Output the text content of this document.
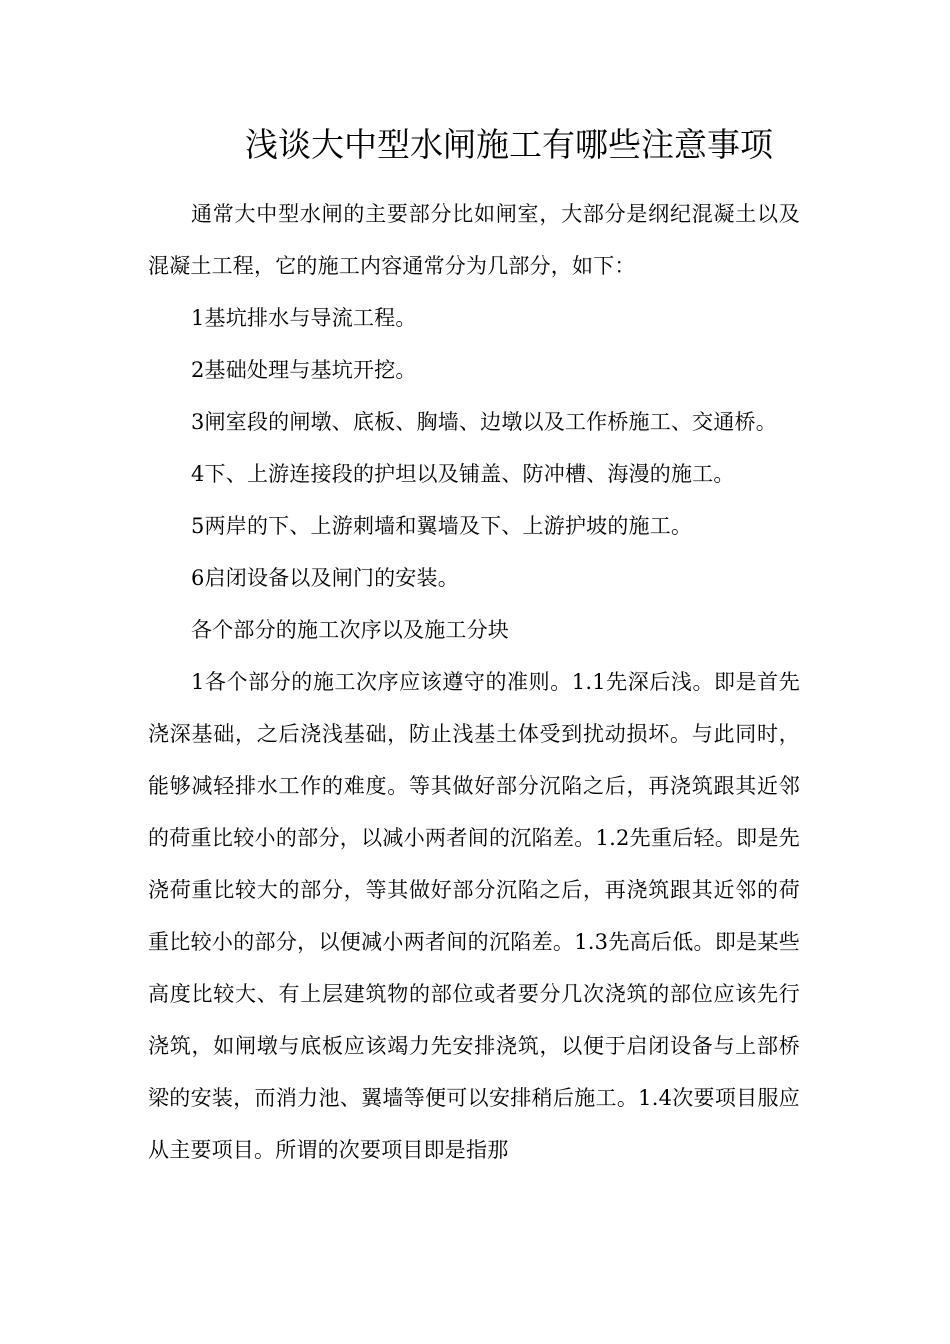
浅谈大中型水闸施工有哪些注意事项

通常大中型水闸的主要部分比如闸室，大部分是纲纪混凝土以及混凝土工程，它的施工内容通常分为几部分，如下：

1基坑排水与导流工程。

2基础处理与基坑开挖。

3闸室段的闸墩、底板、胸墙、边墩以及工作桥施工、交通桥。

4下、上游连接段的护坦以及铺盖、防冲槽、海漫的施工。

5两岸的下、上游刺墙和翼墙及下、上游护坡的施工。

6启闭设备以及闸门的安装。

各个部分的施工次序以及施工分块

1各个部分的施工次序应该遵守的准则。1.1先深后浅。即是首先浇深基础，之后浇浅基础，防止浅基土体受到扰动损坏。与此同时，能够减轻排水工作的难度。等其做好部分沉陷之后，再浇筑跟其近邻的荷重比较小的部分，以减小两者间的沉陷差。1.2先重后轻。即是先浇荷重比较大的部分，等其做好部分沉陷之后，再浇筑跟其近邻的荷重比较小的部分，以便减小两者间的沉陷差。1.3先高后低。即是某些高度比较大、有上层建筑物的部位或者要分几次浇筑的部位应该先行浇筑，如闸墩与底板应该竭力先安排浇筑，以便于启闭设备与上部桥梁的安装，而消力池、翼墙等便可以安排稍后施工。1.4次要项目服应从主要项目。所谓的次要项目即是指那
